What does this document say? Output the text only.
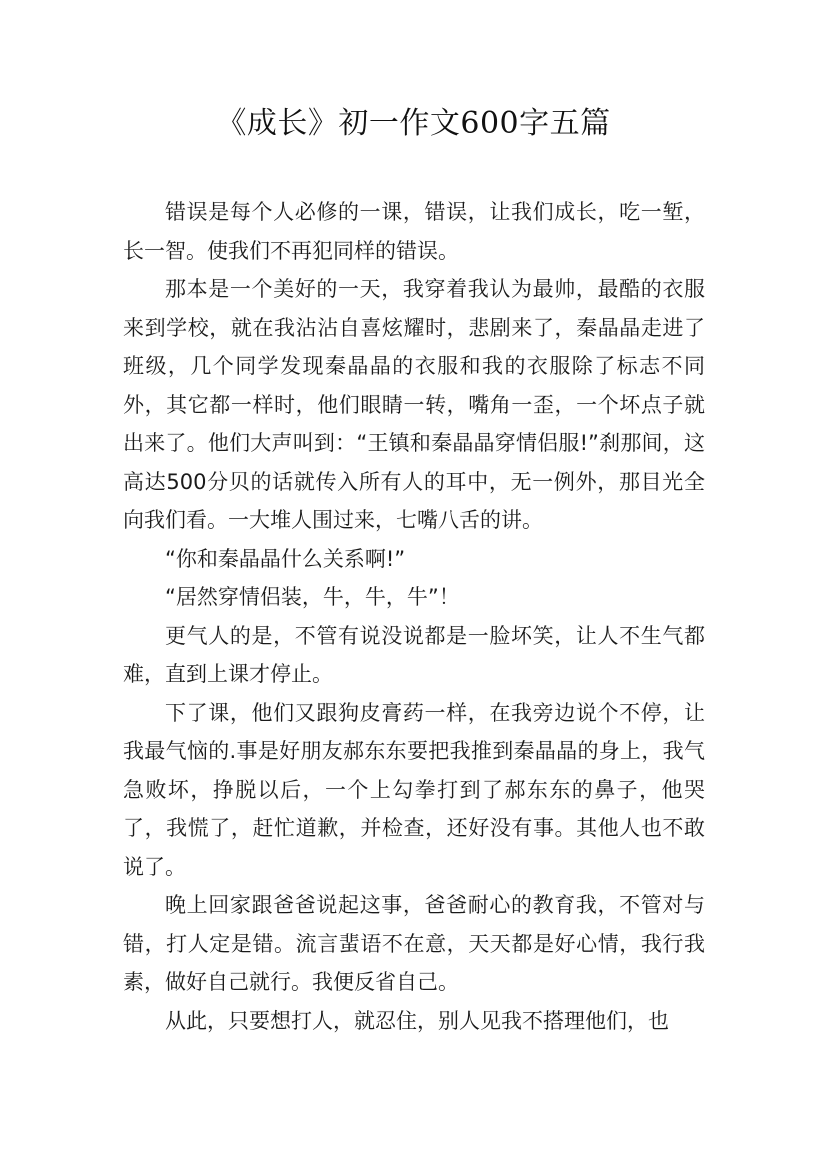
《成长》初一作文600字五篇

错误是每个人必修的一课，错误，让我们成长，吃一堑，长一智。使我们不再犯同样的错误。

那本是一个美好的一天，我穿着我认为最帅，最酷的衣服来到学校，就在我沾沾自喜炫耀时，悲剧来了，秦晶晶走进了班级，几个同学发现秦晶晶的衣服和我的衣服除了标志不同外，其它都一样时，他们眼睛一转，嘴角一歪，一个坏点子就出来了。他们大声叫到：“王镇和秦晶晶穿情侣服!”刹那间，这高达500分贝的话就传入所有人的耳中，无一例外，那目光全向我们看。一大堆人围过来，七嘴八舌的讲。

“你和秦晶晶什么关系啊!”

“居然穿情侣装，牛，牛，牛”！

更气人的是，不管有说没说都是一脸坏笑，让人不生气都难，直到上课才停止。

下了课，他们又跟狗皮膏药一样，在我旁边说个不停，让我最气恼的.事是好朋友郝东东要把我推到秦晶晶的身上，我气急败坏，挣脱以后，一个上勾拳打到了郝东东的鼻子，他哭了，我慌了，赶忙道歉，并检查，还好没有事。其他人也不敢说了。

晚上回家跟爸爸说起这事，爸爸耐心的教育我，不管对与错，打人定是错。流言蜚语不在意，天天都是好心情，我行我素，做好自己就行。我便反省自己。

从此，只要想打人，就忍住，别人见我不搭理他们，也
